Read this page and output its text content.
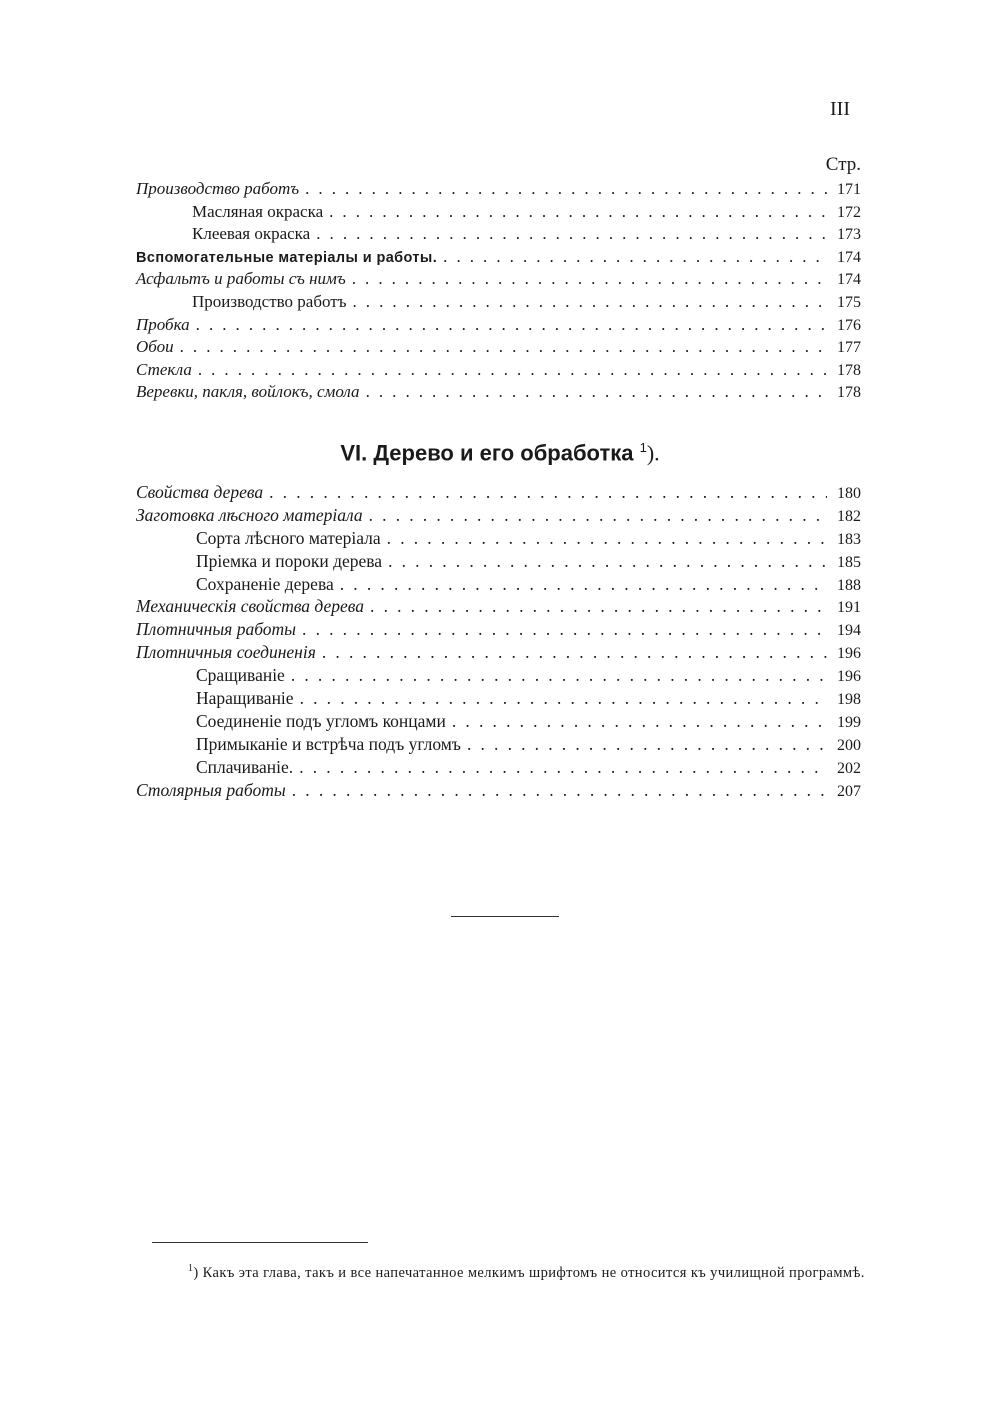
III
Стр.
Производство работъ . . .	171
Масляная окраска . . .	172
Клеевая окраска . . .	173
Вспомогательные матеріалы и работы. . . .	174
Асфальтъ и работы съ нимъ . . .	174
Производство работъ . . .	175
Пробка . . .	176
Обои . . .	177
Стекла . . .	178
Веревки, пакля, войлокъ, смола . . .	178
VI. Дерево и его обработка $^1$).
Свойства дерева . . .	180
Заготовка лѣсного матеріала . . .	182
Сорта лѣсного матеріала . . .	183
Пріемка и пороки дерева . . .	185
Сохраненіе дерева . . .	188
Механическія свойства дерева . . .	191
Плотничныя работы . . .	194
Плотничныя соединенія . . .	196
Сращиваніе . . .	196
Наращиваніе . . .	198
Соединеніе подъ угломъ концами . . .	199
Примыканіе и встрѣча подъ угломъ . . .	200
Сплачиваніе. . . .	202
Столярныя работы . . .	207
$^1$) Какъ эта глава, такъ и все напечатанное мелкимъ шрифтомъ не относится къ училищной программѣ.
